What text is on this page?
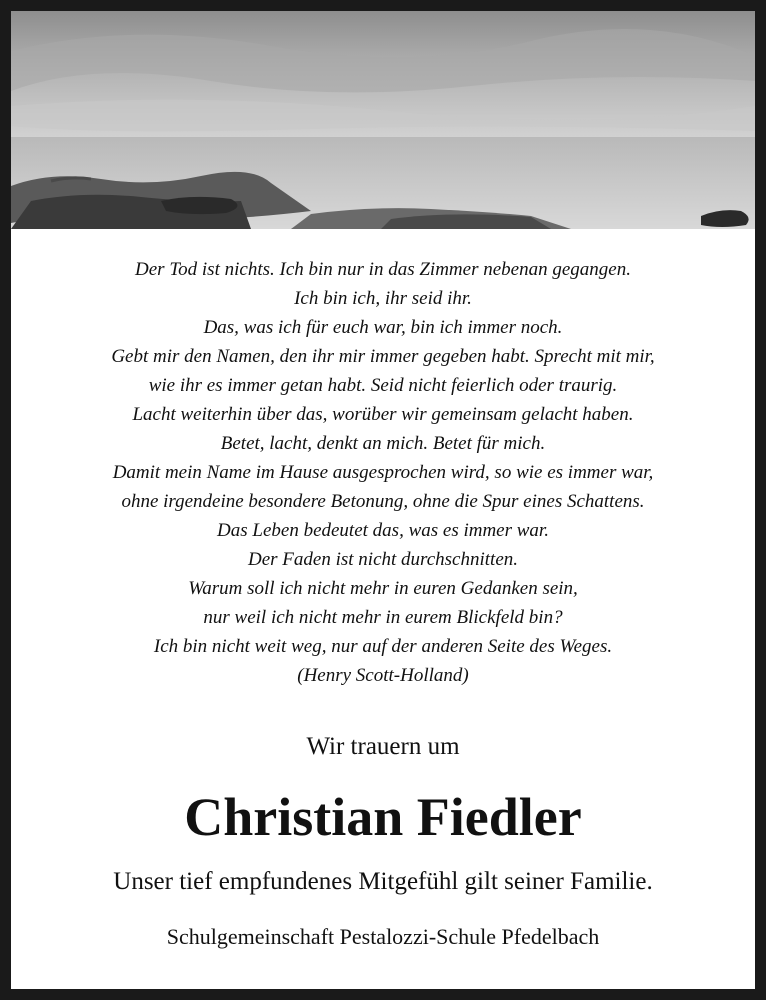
Der Tod ist nichts. Ich bin nur in das Zimmer nebenan gegangen.
Ich bin ich, ihr seid ihr.
Das, was ich für euch war, bin ich immer noch.
Gebt mir den Namen, den ihr mir immer gegeben habt. Sprecht mit mir,
wie ihr es immer getan habt. Seid nicht feierlich oder traurig.
Lacht weiterhin über das, worüber wir gemeinsam gelacht haben.
Betet, lacht, denkt an mich. Betet für mich.
Damit mein Name im Hause ausgesprochen wird, so wie es immer war,
ohne irgendeine besondere Betonung, ohne die Spur eines Schattens.
Das Leben bedeutet das, was es immer war.
Der Faden ist nicht durchschnitten.
Warum soll ich nicht mehr in euren Gedanken sein,
nur weil ich nicht mehr in eurem Blickfeld bin?
Ich bin nicht weit weg, nur auf der anderen Seite des Weges.
(Henry Scott-Holland)
Wir trauern um
Christian Fiedler
Unser tief empfundenes Mitgefühl gilt seiner Familie.
Schulgemeinschaft Pestalozzi-Schule Pfedelbach
